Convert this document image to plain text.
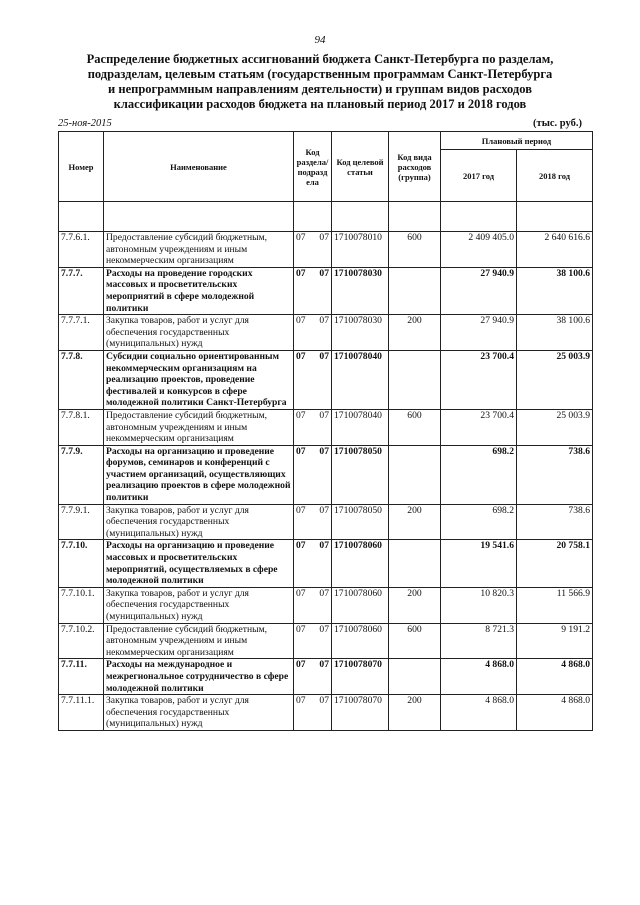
94
Распределение бюджетных ассигнований бюджета Санкт-Петербурга по разделам,
подразделам, целевым статьям (государственным программам Санкт-Петербурга
и непрограммным направлениям деятельности) и группам видов расходов
классификации расходов бюджета на плановый период 2017 и 2018 годов
25-ноя-2015	(тыс. руб.)
Номер	Наименование	Код раздела/ подразд ела	Код целевой статьи	Код вида расходов (группа)	Плановый период	
					2017 год	2018 год

7.7.6.1.	Предоставление субсидий бюджетным, автономным учреждениям и иным некоммерческим организациям	07 07	1710078010	600	2 409 405.0	2 640 616.6
7.7.7.	Расходы на проведение городских массовых и просветительских мероприятий в сфере молодежной политики	07 07	1710078030		27 940.9	38 100.6
7.7.7.1.	Закупка товаров, работ и услуг для обеспечения государственных (муниципальных) нужд	07 07	1710078030	200	27 940.9	38 100.6
7.7.8.	Субсидии социально ориентированным некоммерческим организациям на реализацию проектов, проведение фестивалей и конкурсов в сфере молодежной политики Санкт-Петербурга	07 07	1710078040		23 700.4	25 003.9
7.7.8.1.	Предоставление субсидий бюджетным, автономным учреждениям и иным некоммерческим организациям	07 07	1710078040	600	23 700.4	25 003.9
7.7.9.	Расходы на организацию и проведение форумов, семинаров и конференций с участием организаций, осуществляющих реализацию проектов в сфере молодежной политики	07 07	1710078050		698.2	738.6
7.7.9.1.	Закупка товаров, работ и услуг для обеспечения государственных (муниципальных) нужд	07 07	1710078050	200	698.2	738.6
7.7.10.	Расходы на организацию и проведение массовых и просветительских мероприятий, осуществляемых в сфере молодежной политики	07 07	1710078060		19 541.6	20 758.1
7.7.10.1.	Закупка товаров, работ и услуг для обеспечения государственных (муниципальных) нужд	07 07	1710078060	200	10 820.3	11 566.9
7.7.10.2.	Предоставление субсидий бюджетным, автономным учреждениям и иным некоммерческим организациям	07 07	1710078060	600	8 721.3	9 191.2
7.7.11.	Расходы на международное и межрегиональное сотрудничество в сфере молодежной политики	07 07	1710078070		4 868.0	4 868.0
7.7.11.1.	Закупка товаров, работ и услуг для обеспечения государственных (муниципальных) нужд	07 07	1710078070	200	4 868.0	4 868.0
